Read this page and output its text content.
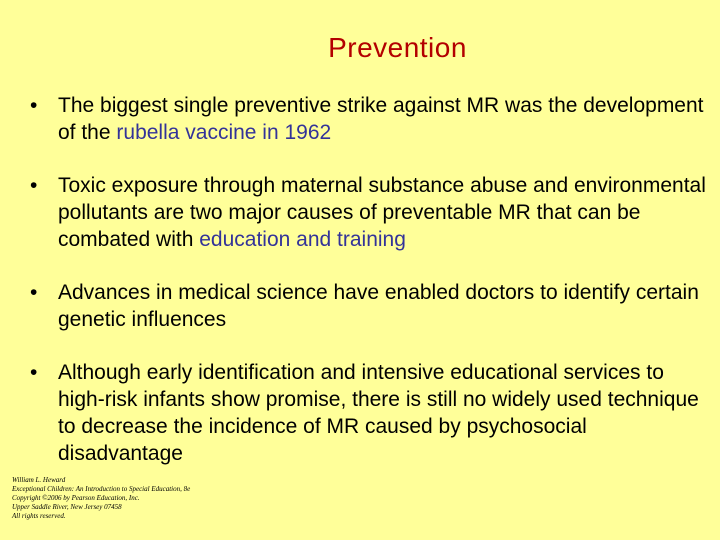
Prevention
• The biggest single preventive strike against MR was the development of the rubella vaccine in 1962
• Toxic exposure through maternal substance abuse and environmental pollutants are two major causes of preventable MR that can be combated with education and training
• Advances in medical science have enabled doctors to identify certain genetic influences
• Although early identification and intensive educational services to high-risk infants show promise, there is still no widely used technique to decrease the incidence of MR caused by psychosocial disadvantage
William L. Heward
Exceptional Children: An Introduction to Special Education, 8e
Copyright ©2006 by Pearson Education, Inc.
Upper Saddle River, New Jersey 07458
All rights reserved.
